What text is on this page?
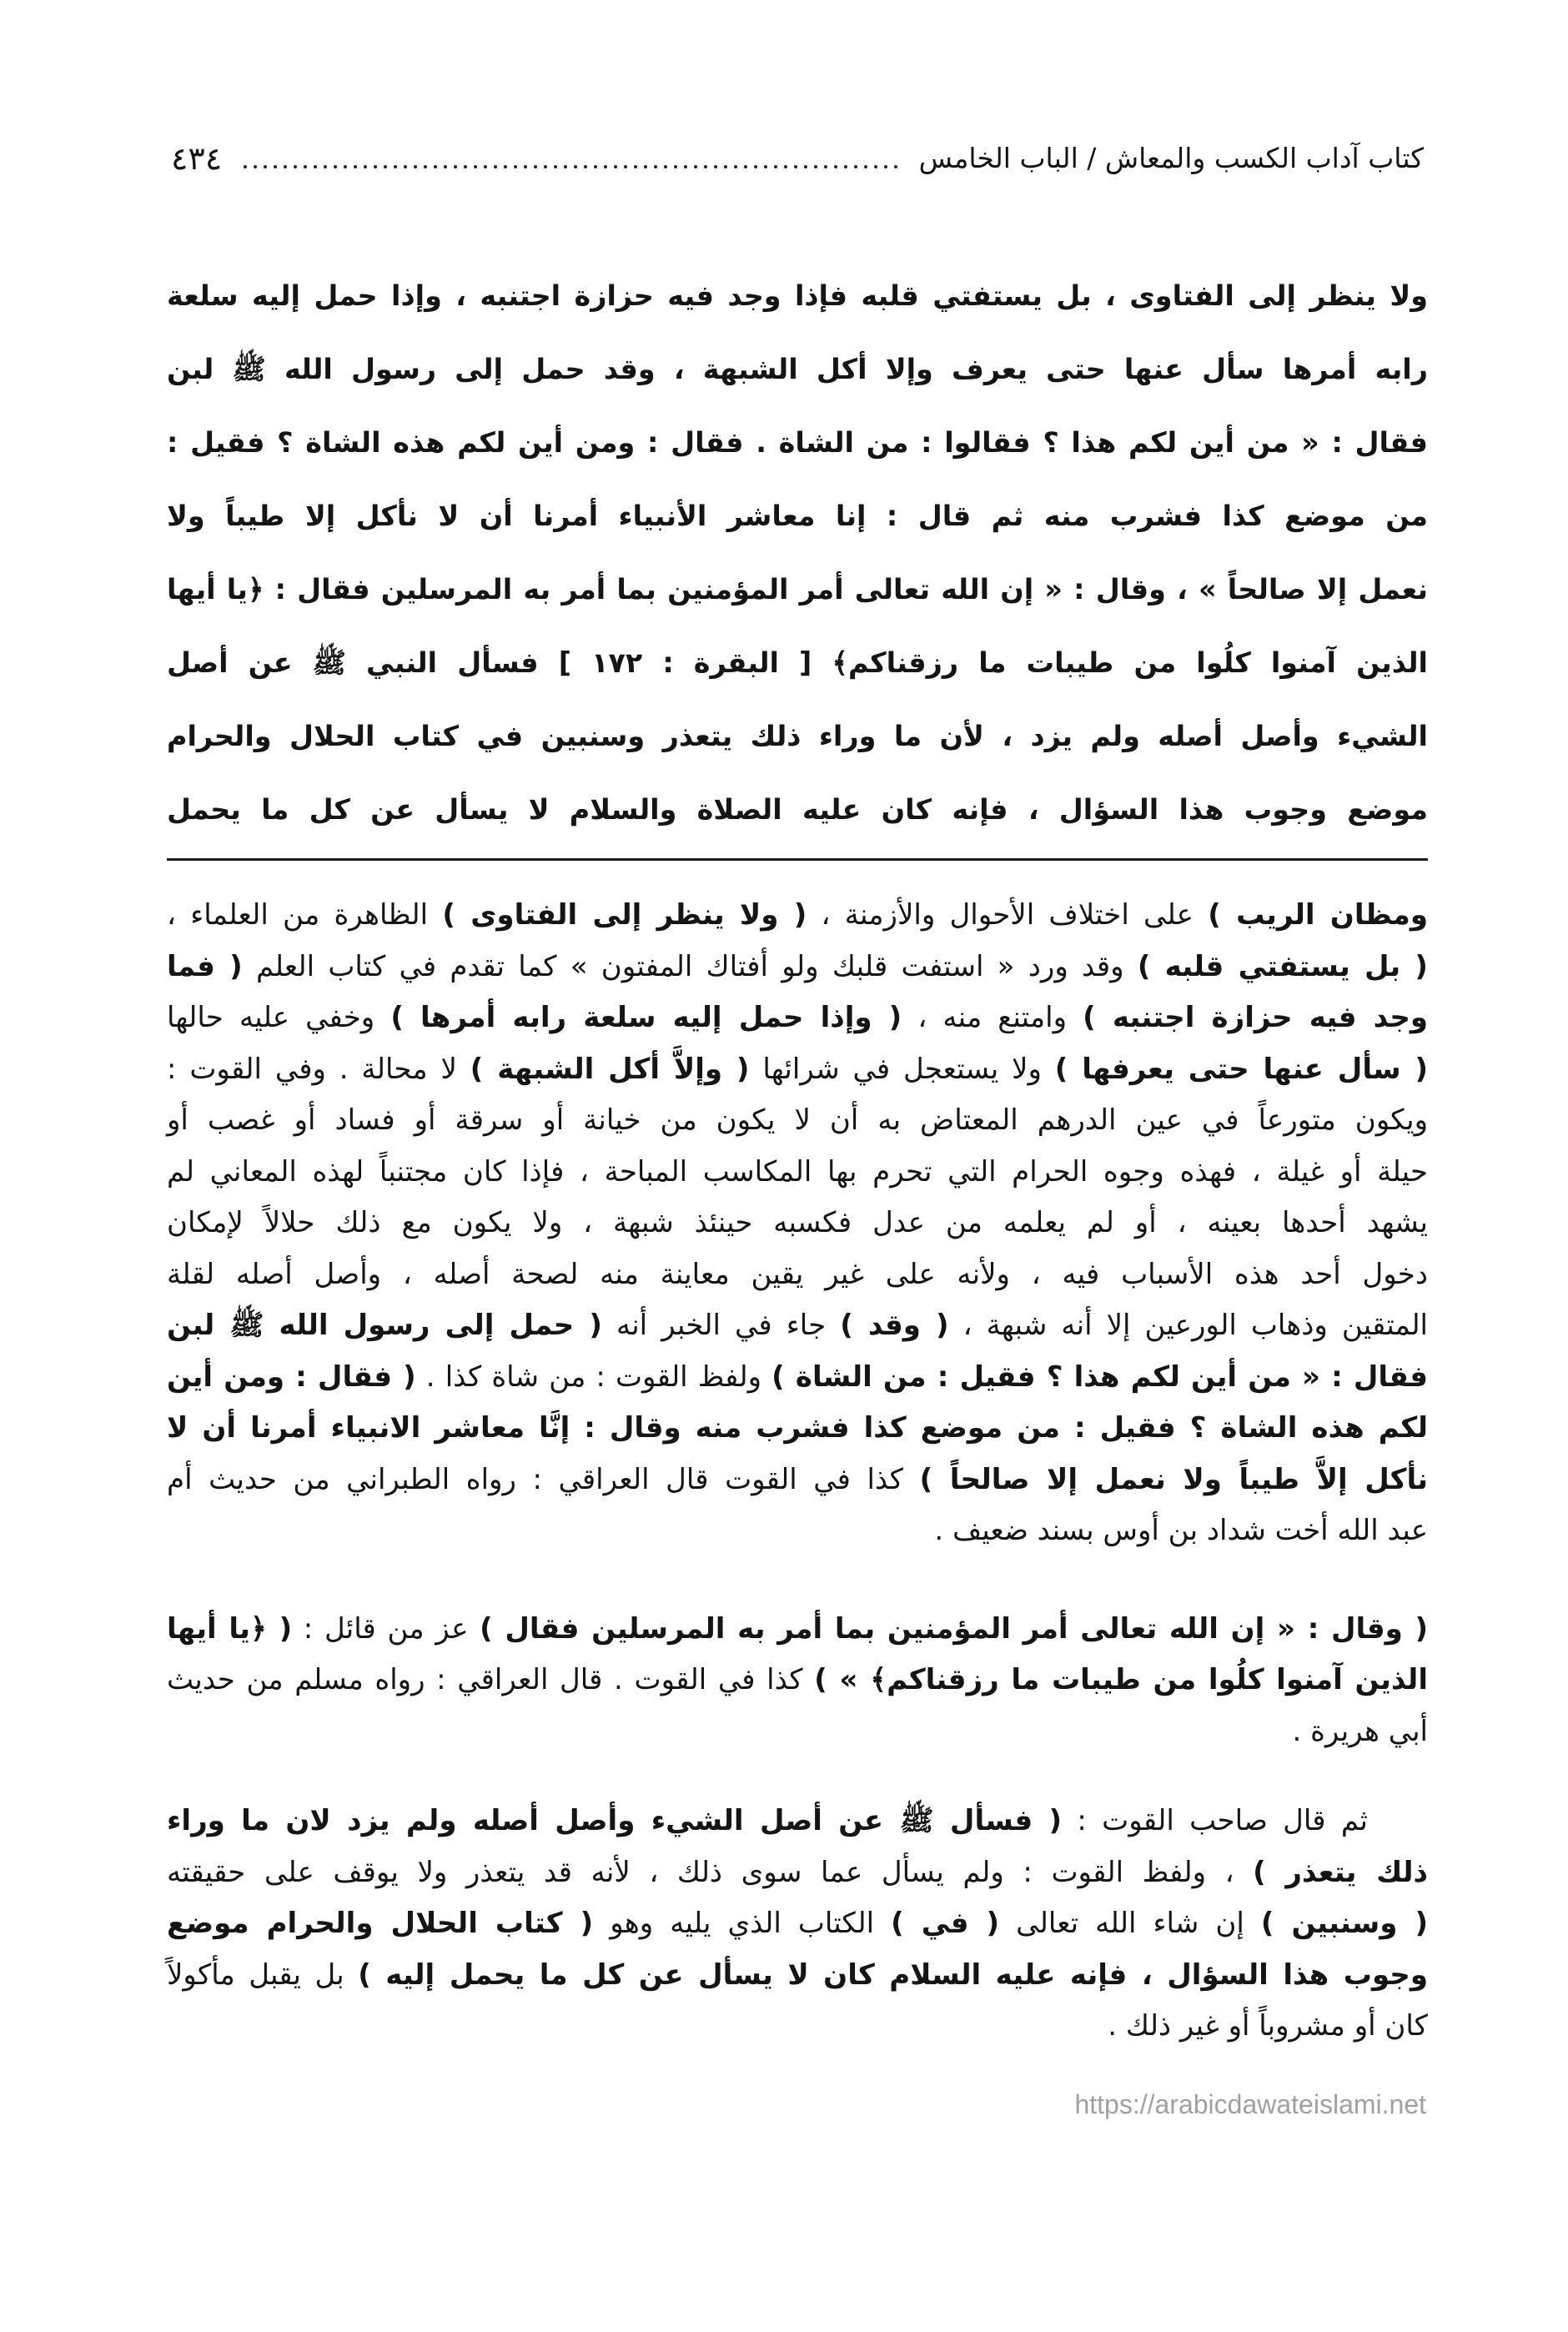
٤٣٤	كتاب آداب الكسب والمعاش / الباب الخامس
ولا ينظر إلى الفتاوى ، بل يستفتي قلبه فإذا وجد فيه حزازة اجتنبه ، وإذا حمل إليه سلعة
رابه أمرها سأل عنها حتى يعرف وإلا أكل الشبهة ، وقد حمل إلى رسول الله ﷺ لبن
فقال : « من أين لكم هذا ؟ فقالوا : من الشاة . فقال : ومن أين لكم هذه الشاة ؟ فقيل :
من موضع كذا فشرب منه ثم قال : إنا معاشر الأنبياء أمرنا أن لا نأكل إلا طيباً ولا
نعمل إلا صالحاً » ، وقال : « إن الله تعالى أمر المؤمنين بما أمر به المرسلين فقال : ﴿يا أيها
الذين آمنوا كلُوا من طيبات ما رزقناكم﴾ [ البقرة : ١٧٢ ] فسأل النبي ﷺ عن أصل
الشيء وأصل أصله ولم يزد ، لأن ما وراء ذلك يتعذر وسنبين في كتاب الحلال والحرام
موضع وجوب هذا السؤال ، فإنه كان عليه الصلاة والسلام لا يسأل عن كل ما يحمل
ومظان الريب ) على اختلاف الأحوال والأزمنة ، ( ولا ينظر إلى الفتاوى ) الظاهرة من العلماء ،
( بل يستفتي قلبه ) وقد ورد « استفت قلبك ولو أفتاك المفتون » كما تقدم في كتاب العلم ( فما
وجد فيه حزازة اجتنبه ) وامتنع منه ، ( وإذا حمل إليه سلعة رابه أمرها ) وخفي عليه حالها
( سأل عنها حتى يعرفها ) ولا يستعجل في شرائها ( وإلاَّ أكل الشبهة ) لا محالة . وفي القوت :
ويكون متورعاً في عين الدرهم المعتاض به أن لا يكون من خيانة أو سرقة أو فساد أو غصب أو
حيلة أو غيلة ، فهذه وجوه الحرام التي تحرم بها المكاسب المباحة ، فإذا كان مجتنباً لهذه المعاني لم
يشهد أحدها بعينه ، أو لم يعلمه من عدل فكسبه حينئذ شبهة ، ولا يكون مع ذلك حلالاً لإمكان
دخول أحد هذه الأسباب فيه ، ولأنه على غير يقين معاينة منه لصحة أصله ، وأصل أصله لقلة
المتقين وذهاب الورعين إلا أنه شبهة ، ( وقد ) جاء في الخبر أنه ( حمل إلى رسول الله ﷺ لبن
فقال : « من أين لكم هذا ؟ فقيل : من الشاة ) ولفظ القوت : من شاة كذا . ( فقال : ومن أين
لكم هذه الشاة ؟ فقيل : من موضع كذا فشرب منه وقال : إنَّا معاشر الانبياء أمرنا أن لا
نأكل إلاَّ طيباً ولا نعمل إلا صالحاً ) كذا في القوت قال العراقي : رواه الطبراني من حديث أم
عبد الله أخت شداد بن أوس بسند ضعيف .
( وقال : « إن الله تعالى أمر المؤمنين بما أمر به المرسلين فقال ) عز من قائل : ( ﴿يا أيها
الذين آمنوا كلُوا من طيبات ما رزقناكم﴾ » ) كذا في القوت . قال العراقي : رواه مسلم من حديث
أبي هريرة .
ثم قال صاحب القوت : ( فسأل ﷺ عن أصل الشيء وأصل أصله ولم يزد لان ما وراء
ذلك يتعذر ) ، ولفظ القوت : ولم يسأل عما سوى ذلك ، لأنه قد يتعذر ولا يوقف على حقيقته
( وسنبين ) إن شاء الله تعالى ( في ) الكتاب الذي يليه وهو ( كتاب الحلال والحرام موضع
وجوب هذا السؤال ، فإنه عليه السلام كان لا يسأل عن كل ما يحمل إليه ) بل يقبل مأكولاً
كان أو مشروباً أو غير ذلك .
https://arabicdawateislami.net
